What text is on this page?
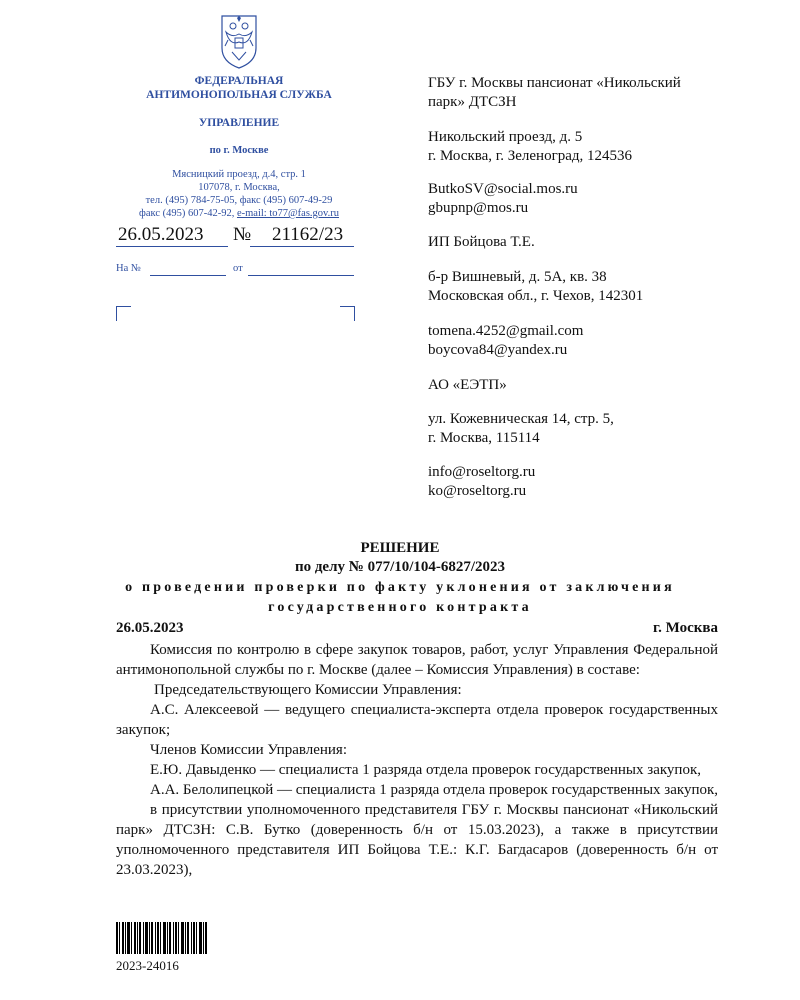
ФЕДЕРАЛЬНАЯ
АНТИМОНОПОЛЬНАЯ СЛУЖБА
УПРАВЛЕНИЕ
по г. Москве
Мясницкий проезд, д.4, стр. 1
107078, г. Москва,
тел. (495) 784-75-05, факс (495) 607-49-29
факс (495) 607-42-92, e-mail: to77@fas.gov.ru
26.05.2023 № 21162/23
На №	от
ГБУ г. Москвы пансионат «Никольский
парк» ДТСЗН
Никольский проезд, д. 5
г. Москва, г. Зеленоград, 124536
ButkoSV@social.mos.ru
gbupnp@mos.ru
ИП Бойцова Т.Е.
б-р Вишневый, д. 5А, кв. 38
Московская обл., г. Чехов, 142301
tomena.4252@gmail.com
boycova84@yandex.ru
АО «ЕЭТП»
ул. Кожевническая 14, стр. 5,
г. Москва, 115114
info@roseltorg.ru
ko@roseltorg.ru
РЕШЕНИЕ
по делу № 077/10/104-6827/2023
о проведении проверки по факту уклонения от заключения
государственного контракта
26.05.2023	г. Москва

Комиссия по контролю в сфере закупок товаров, работ, услуг Управления Федеральной антимонопольной службы по г. Москве (далее – Комиссия Управления) в составе:

Председательствующего Комиссии Управления:

А.С. Алексеевой — ведущего специалиста-эксперта отдела проверок государственных закупок;

Членов Комиссии Управления:

Е.Ю. Давыденко — специалиста 1 разряда отдела проверок государственных закупок,

А.А. Белолипецкой — специалиста 1 разряда отдела проверок государственных закупок,

в присутствии уполномоченного представителя ГБУ г. Москвы пансионат «Никольский парк» ДТСЗН: С.В. Бутко (доверенность б/н от 15.03.2023), а также в присутствии уполномоченного представителя ИП Бойцова Т.Е.: К.Г. Багдасаров (доверенность б/н от 23.03.2023),

2023-24016
